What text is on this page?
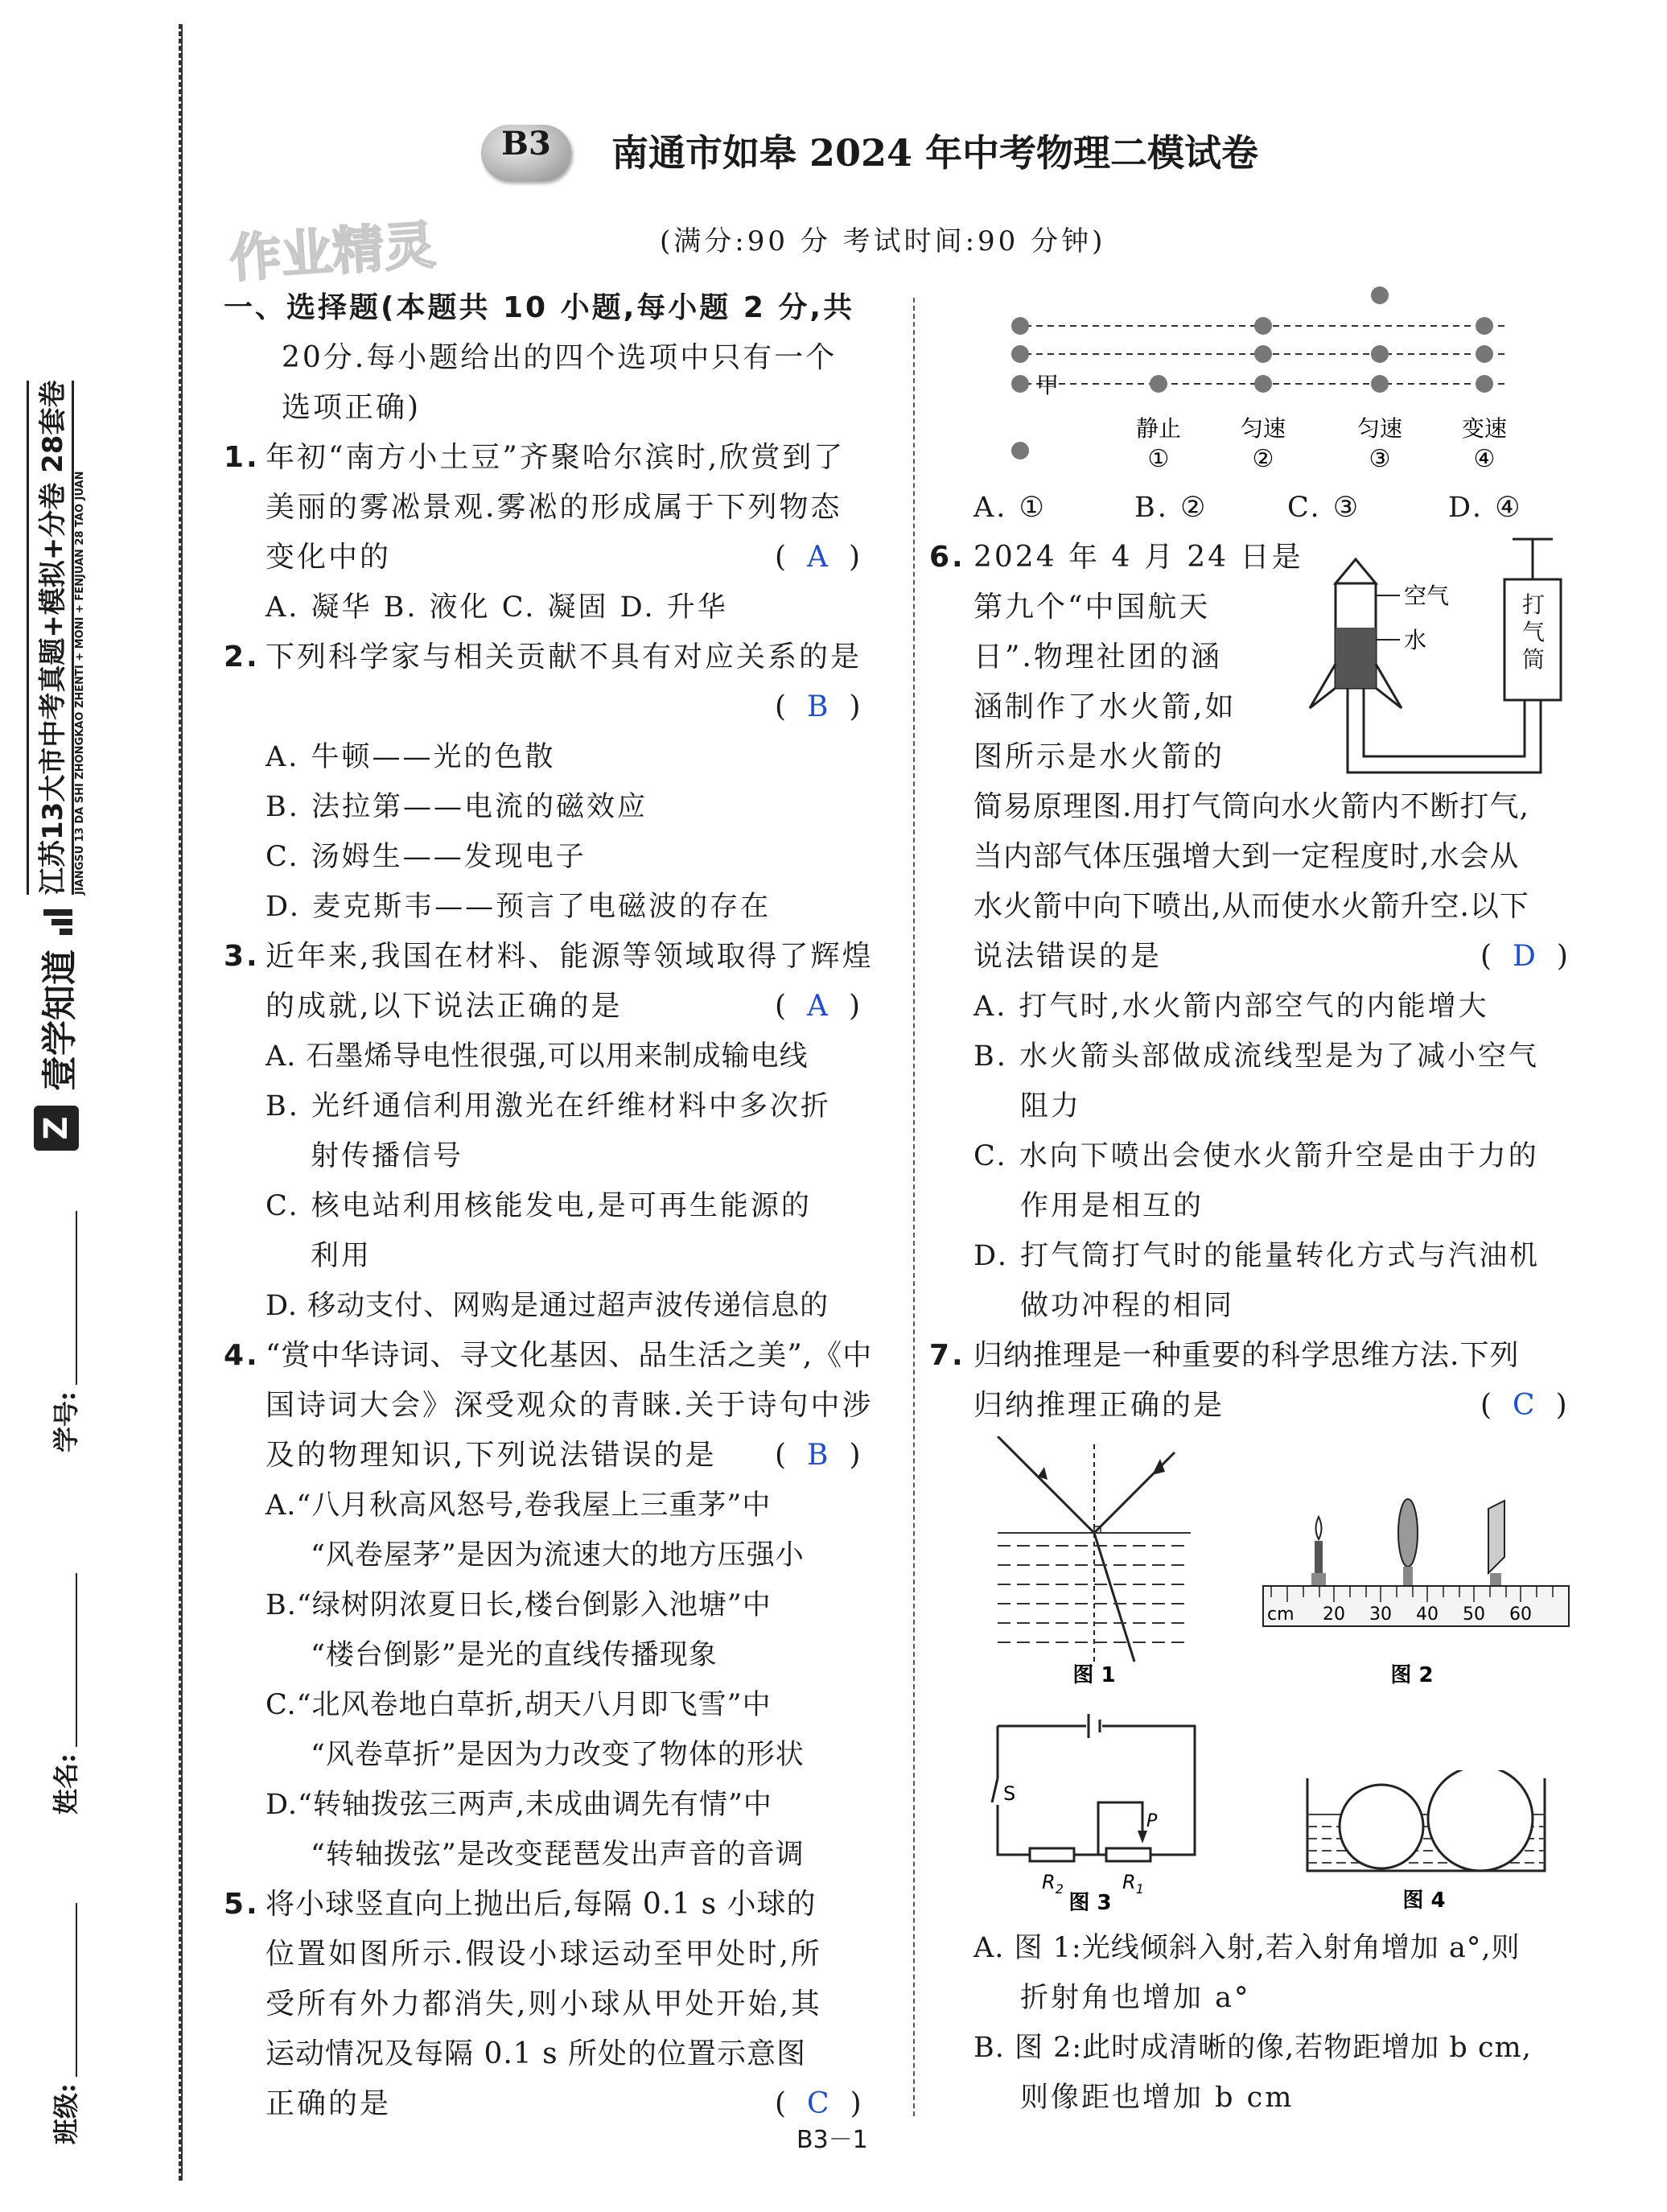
Z
壹学知道
江苏13大市中考真题+模拟+分卷 28套卷 JIANGSU 13 DA SHI ZHONGKAO ZHENTI + MONI + FENJUAN 28 TAO JUAN
学号:
姓名:
班级:
B3	南通市如皋 2024 年中考物理二模试卷
作业精灵	(满分:90 分 考试时间:90 分钟)
一、选择题(本题共 10 小题,每小题 2 分,共
20分.每小题给出的四个选项中只有一个
选项正确)
1. 年初“南方小土豆”齐聚哈尔滨时,欣赏到了
美丽的雾凇景观.雾凇的形成属于下列物态
变化中的	( A )
A. 凝华 B. 液化 C. 凝固 D. 升华
2. 下列科学家与相关贡献不具有对应关系的是
( B )
A. 牛顿——光的色散
B. 法拉第——电流的磁效应
C. 汤姆生——发现电子
D. 麦克斯韦——预言了电磁波的存在
3. 近年来,我国在材料、能源等领域取得了辉煌
的成就,以下说法正确的是	( A )
A. 石墨烯导电性很强,可以用来制成输电线
B. 光纤通信利用激光在纤维材料中多次折
射传播信号
C. 核电站利用核能发电,是可再生能源的
利用
D. 移动支付、网购是通过超声波传递信息的
4. “赏中华诗词、寻文化基因、品生活之美”,《中
国诗词大会》深受观众的青睐.关于诗句中涉
及的物理知识,下列说法错误的是 ( B )
A.“八月秋高风怒号,卷我屋上三重茅”中
“风卷屋茅”是因为流速大的地方压强小
B.“绿树阴浓夏日长,楼台倒影入池塘”中
“楼台倒影”是光的直线传播现象
C.“北风卷地白草折,胡天八月即飞雪”中
“风卷草折”是因为力改变了物体的形状
D.“转轴拨弦三两声,未成曲调先有情”中
“转轴拨弦”是改变琵琶发出声音的音调
5. 将小球竖直向上抛出后,每隔 0.1 s 小球的
位置如图所示.假设小球运动至甲处时,所
受所有外力都消失,则小球从甲处开始,其
运动情况及每隔 0.1 s 所处的位置示意图
正确的是	( C )
甲
静止	匀速	匀速	变速
①	②	③	④
A. ①	B. ②	C. ③	D. ④
6. 2024 年 4 月 24 日是
第九个“中国航天
日”.物理社团的涵
涵制作了水火箭,如
图所示是水火箭的
空气
水
打气筒
简易原理图.用打气筒向水火箭内不断打气,
当内部气体压强增大到一定程度时,水会从
水火箭中向下喷出,从而使水火箭升空.以下
说法错误的是	( D )
A. 打气时,水火箭内部空气的内能增大
B. 水火箭头部做成流线型是为了减小空气
阻力
C. 水向下喷出会使水火箭升空是由于力的
作用是相互的
D. 打气筒打气时的能量转化方式与汽油机
做功冲程的相同
7. 归纳推理是一种重要的科学思维方法.下列
归纳推理正确的是	( C )
图 1
cm 20 30 40 50 60
图 2
S
P
$R_2$	$R_1$
图 3	图 4
A. 图 1:光线倾斜入射,若入射角增加 a°,则
折射角也增加 a°
B. 图 2:此时成清晰的像,若物距增加 b cm,
则像距也增加 b cm
B3－1
